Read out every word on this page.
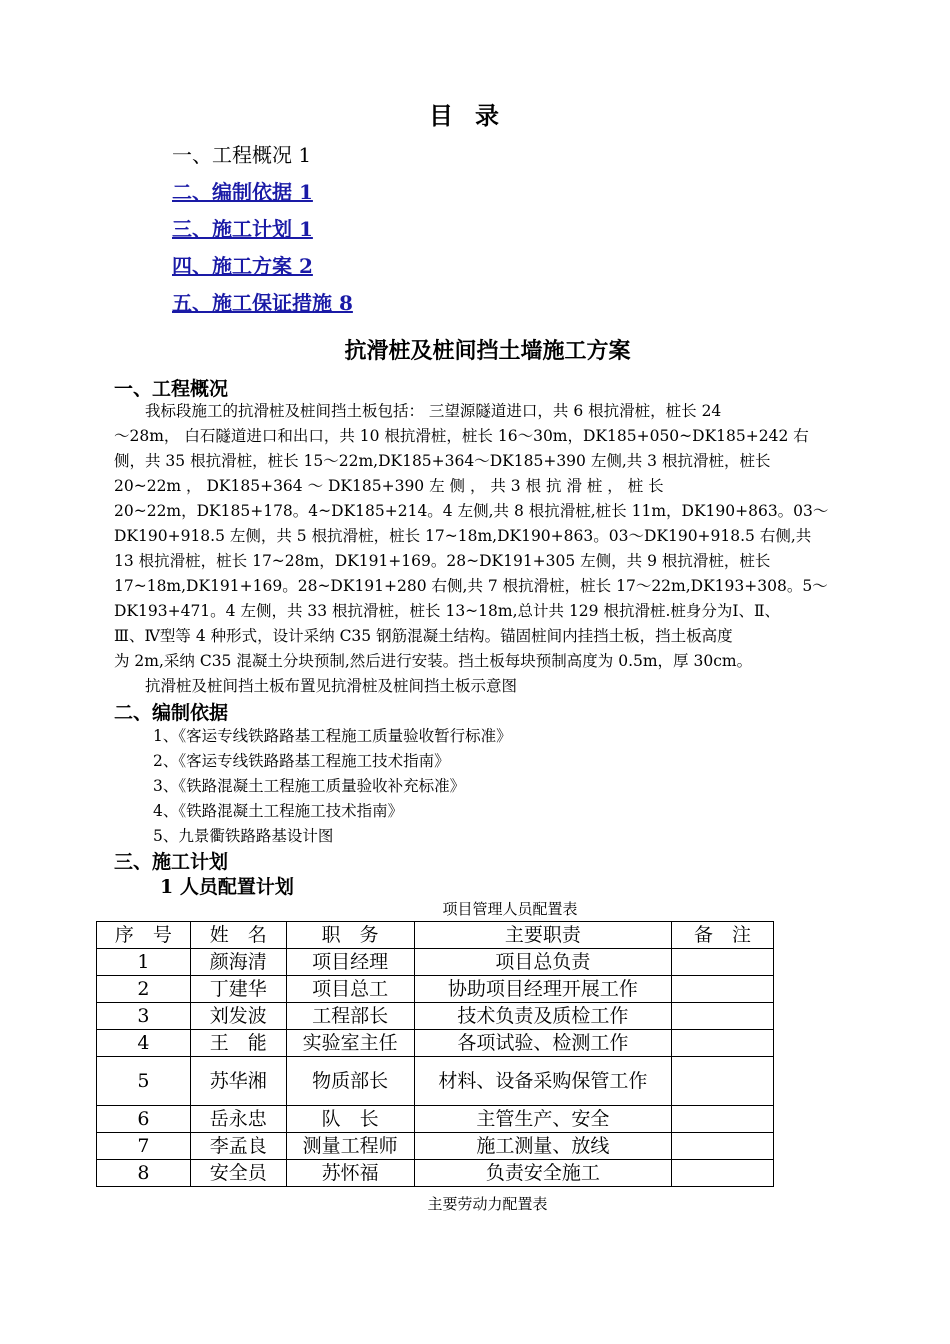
目录
一、工程概况 1
二、编制依据 1
三、施工计划 1
四、施工方案 2
五、施工保证措施 8
抗滑桩及桩间挡土墙施工方案
一、工程概况
　　我标段施工的抗滑桩及桩间挡土板包括： 三望源隧道进口，共 6 根抗滑桩，桩长 24
～28m， 白石隧道进口和出口，共 10 根抗滑桩，桩长 16～30m，DK185+050~DK185+242 右
侧，共 35 根抗滑桩，桩长 15～22m,DK185+364～DK185+390 左侧,共 3 根抗滑桩，桩长
20~22m ， DK185+364 ～ DK185+390 左 侧 ， 共 3 根 抗 滑 桩 ， 桩 长
20~22m，DK185+178。4~DK185+214。4 左侧,共 8 根抗滑桩,桩长 11m，DK190+863。03～
DK190+918.5 左侧，共 5 根抗滑桩，桩长 17~18m,DK190+863。03～DK190+918.5 右侧,共
13 根抗滑桩，桩长 17~28m，DK191+169。28~DK191+305 左侧，共 9 根抗滑桩，桩长
17~18m,DK191+169。28~DK191+280 右侧,共 7 根抗滑桩，桩长 17～22m,DK193+308。5～
DK193+471。4 左侧，共 33 根抗滑桩，桩长 13~18m,总计共 129 根抗滑桩.桩身分为Ⅰ、Ⅱ、
Ⅲ、Ⅳ型等 4 种形式，设计采纳 C35 钢筋混凝土结构。锚固桩间内挂挡土板，挡土板高度
为 2m,采纳 C35 混凝土分块预制,然后进行安装。挡土板每块预制高度为 0.5m，厚 30cm。
　　抗滑桩及桩间挡土板布置见抗滑桩及桩间挡土板示意图
二、编制依据
1、《客运专线铁路路基工程施工质量验收暂行标准》
2、《客运专线铁路路基工程施工技术指南》
3、《铁路混凝土工程施工质量验收补充标准》
4、《铁路混凝土工程施工技术指南》
5、九景衢铁路路基设计图
三、施工计划
1 人员配置计划
项目管理人员配置表
序　号	姓　名	职　务	主要职责	备　注
1	颜海清	项目经理	项目总负责	
2	丁建华	项目总工	协助项目经理开展工作	
3	刘发波	工程部长	技术负责及质检工作	
4	王　能	实验室主任	各项试验、检测工作	
5	苏华湘	物质部长	材料、设备采购保管工作	
6	岳永忠	队　长	主管生产、安全	
7	李孟良	测量工程师	施工测量、放线	
8	安全员	苏怀福	负责安全施工	
主要劳动力配置表
